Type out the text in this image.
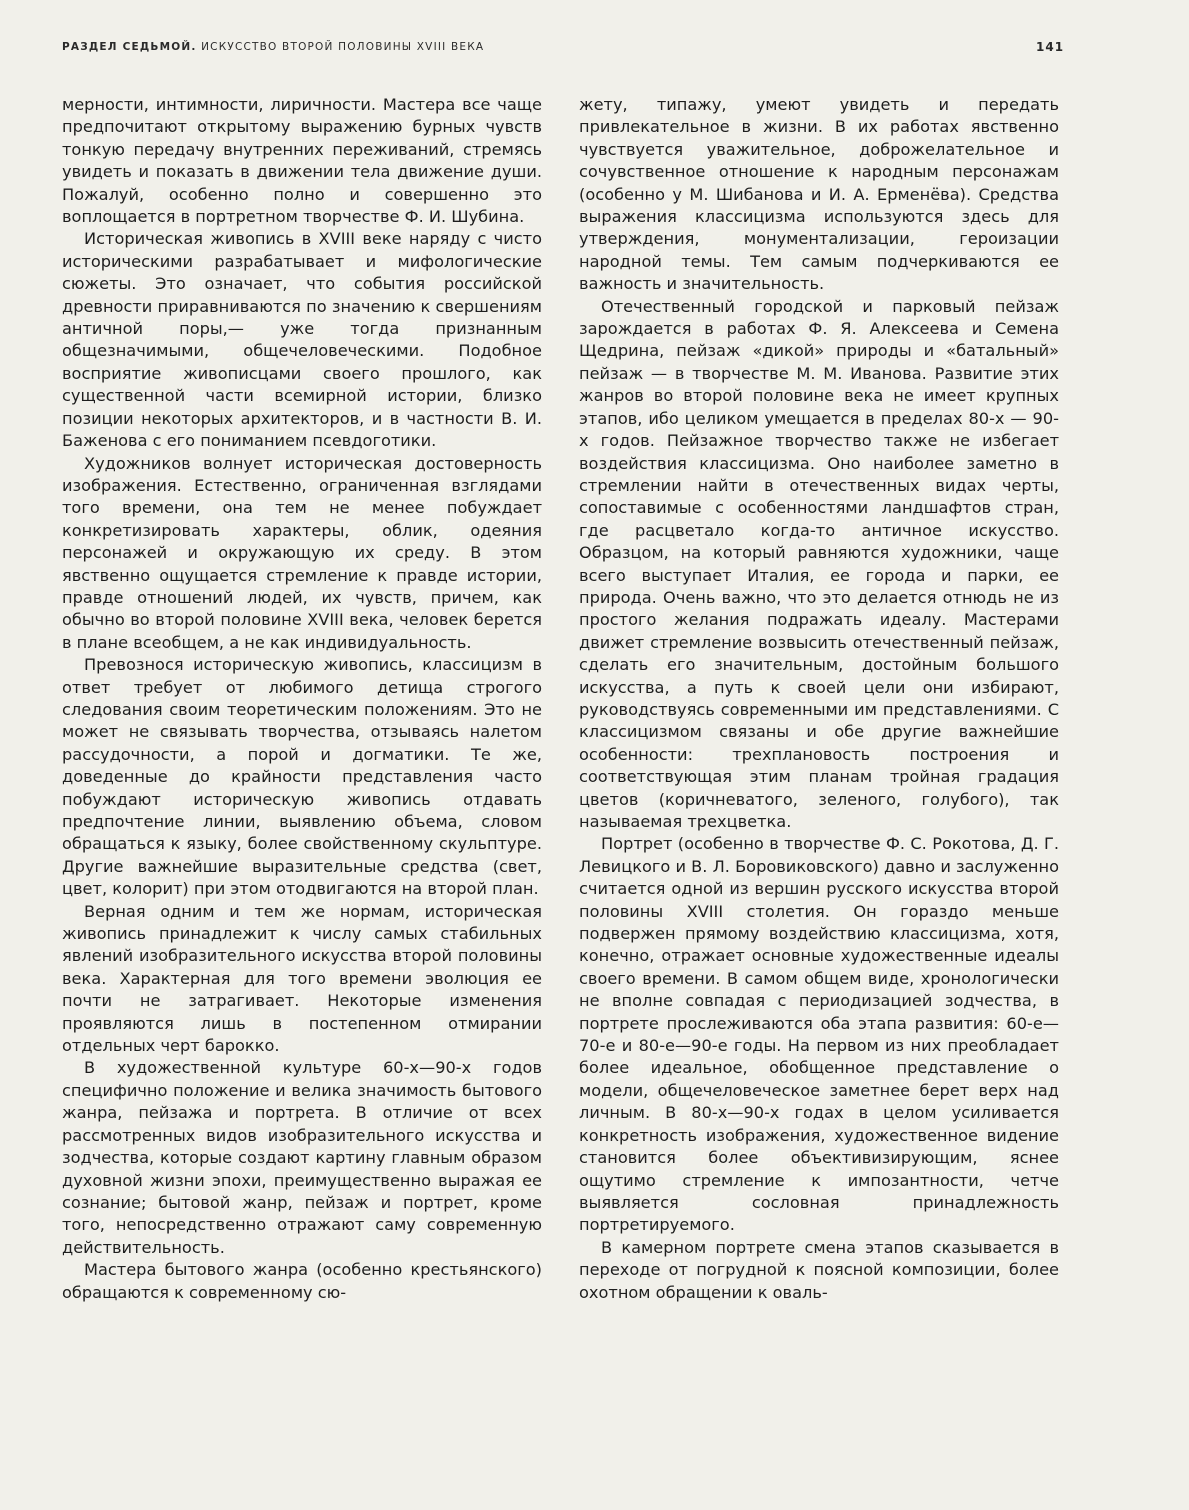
РАЗДЕЛ СЕДЬМОЙ. ИСКУССТВО ВТОРОЙ ПОЛОВИНЫ XVIII ВЕКА	141

мерности, интимности, лиричности. Мастера все чаще предпочитают открытому выражению бурных чувств тонкую передачу внутренних переживаний, стремясь увидеть и показать в движении тела движение души. Пожалуй, особенно полно и совершенно это воплощается в портретном творчестве Ф. И. Шубина.

Историческая живопись в XVIII веке наряду с чисто историческими разрабатывает и мифологические сюжеты. Это означает, что события российской древности приравниваются по значению к свершениям античной поры,— уже тогда признанным общезначимыми, общечеловеческими. Подобное восприятие живописцами своего прошлого, как существенной части всемирной истории, близко позиции некоторых архитекторов, и в частности В. И. Баженова с его пониманием псевдоготики.

Художников волнует историческая достоверность изображения. Естественно, ограниченная взглядами того времени, она тем не менее побуждает конкретизировать характеры, облик, одеяния персонажей и окружающую их среду. В этом явственно ощущается стремление к правде истории, правде отношений людей, их чувств, причем, как обычно во второй половине XVIII века, человек берется в плане всеобщем, а не как индивидуальность.

Превознося историческую живопись, классицизм в ответ требует от любимого детища строгого следования своим теоретическим положениям. Это не может не связывать творчества, отзываясь налетом рассудочности, а порой и догматики. Те же, доведенные до крайности представления часто побуждают историческую живопись отдавать предпочтение линии, выявлению объема, словом обращаться к языку, более свойственному скульптуре. Другие важнейшие выразительные средства (свет, цвет, колорит) при этом отодвигаются на второй план.

Верная одним и тем же нормам, историческая живопись принадлежит к числу самых стабильных явлений изобразительного искусства второй половины века. Характерная для того времени эволюция ее почти не затрагивает. Некоторые изменения проявляются лишь в постепенном отмирании отдельных черт барокко.

В художественной культуре 60-х—90-х годов специфично положение и велика значимость бытового жанра, пейзажа и портрета. В отличие от всех рассмотренных видов изобразительного искусства и зодчества, которые создают картину главным образом духовной жизни эпохи, преимущественно выражая ее сознание; бытовой жанр, пейзаж и портрет, кроме того, непосредственно отражают саму современную действительность.

Мастера бытового жанра (особенно крестьянского) обращаются к современному сю-

жету, типажу, умеют увидеть и передать привлекательное в жизни. В их работах явственно чувствуется уважительное, доброжелательное и сочувственное отношение к народным персонажам (особенно у М. Шибанова и И. А. Ерменёва). Средства выражения классицизма используются здесь для утверждения, монументализации, героизации народной темы. Тем самым подчеркиваются ее важность и значительность.

Отечественный городской и парковый пейзаж зарождается в работах Ф. Я. Алексеева и Семена Щедрина, пейзаж «дикой» природы и «батальный» пейзаж — в творчестве М. М. Иванова. Развитие этих жанров во второй половине века не имеет крупных этапов, ибо целиком умещается в пределах 80-х — 90-х годов. Пейзажное творчество также не избегает воздействия классицизма. Оно наиболее заметно в стремлении найти в отечественных видах черты, сопоставимые с особенностями ландшафтов стран, где расцветало когда-то античное искусство. Образцом, на который равняются художники, чаще всего выступает Италия, ее города и парки, ее природа. Очень важно, что это делается отнюдь не из простого желания подражать идеалу. Мастерами движет стремление возвысить отечественный пейзаж, сделать его значительным, достойным большого искусства, а путь к своей цели они избирают, руководствуясь современными им представлениями. С классицизмом связаны и обе другие важнейшие особенности: трехплановость построения и соответствующая этим планам тройная градация цветов (коричневатого, зеленого, голубого), так называемая трехцветка.

Портрет (особенно в творчестве Ф. С. Рокотова, Д. Г. Левицкого и В. Л. Боровиковского) давно и заслуженно считается одной из вершин русского искусства второй половины XVIII столетия. Он гораздо меньше подвержен прямому воздействию классицизма, хотя, конечно, отражает основные художественные идеалы своего времени. В самом общем виде, хронологически не вполне совпадая с периодизацией зодчества, в портрете прослеживаются оба этапа развития: 60-е—70-е и 80-е—90-е годы. На первом из них преобладает более идеальное, обобщенное представление о модели, общечеловеческое заметнее берет верх над личным. В 80-х—90-х годах в целом усиливается конкретность изображения, художественное видение становится более объективизирующим, яснее ощутимо стремление к импозантности, четче выявляется сословная принадлежность портретируемого.

В камерном портрете смена этапов сказывается в переходе от погрудной к поясной композиции, более охотном обращении к оваль-
